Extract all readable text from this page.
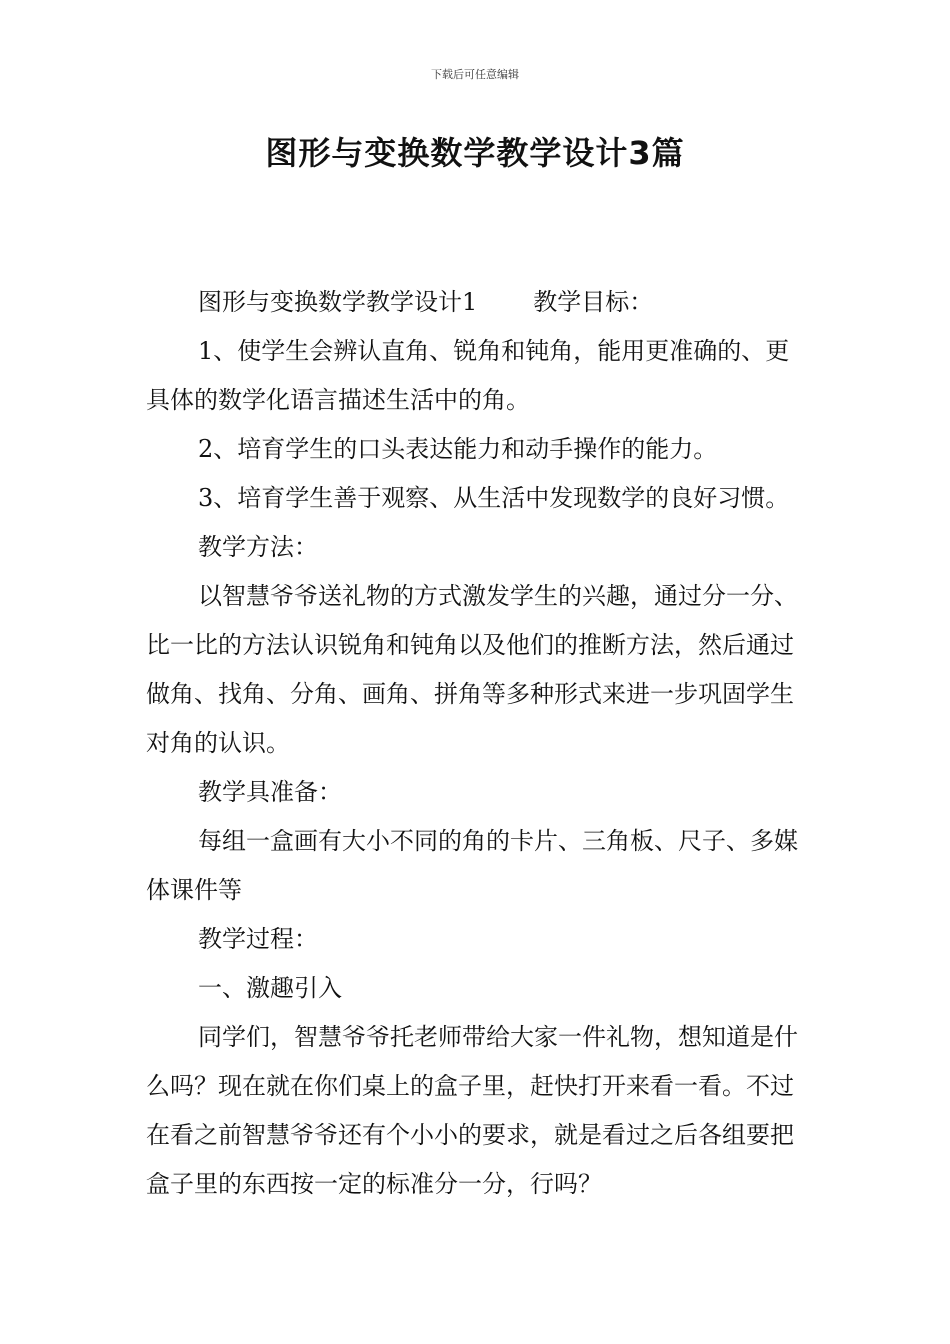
下载后可任意编辑
图形与变换数学教学设计3篇

图形与变换数学教学设计1 教学目标：

1、使学生会辨认直角、锐角和钝角，能用更准确的、更具体的数学化语言描述生活中的角。

2、培育学生的口头表达能力和动手操作的能力。

3、培育学生善于观察、从生活中发现数学的良好习惯。

教学方法：

以智慧爷爷送礼物的方式激发学生的兴趣，通过分一分、比一比的方法认识锐角和钝角以及他们的推断方法，然后通过做角、找角、分角、画角、拼角等多种形式来进一步巩固学生对角的认识。

教学具准备：

每组一盒画有大小不同的角的卡片、三角板、尺子、多媒体课件等

教学过程：

一、激趣引入

同学们，智慧爷爷托老师带给大家一件礼物，想知道是什么吗？现在就在你们桌上的盒子里，赶快打开来看一看。不过在看之前智慧爷爷还有个小小的要求，就是看过之后各组要把盒子里的东西按一定的标准分一分，行吗？
